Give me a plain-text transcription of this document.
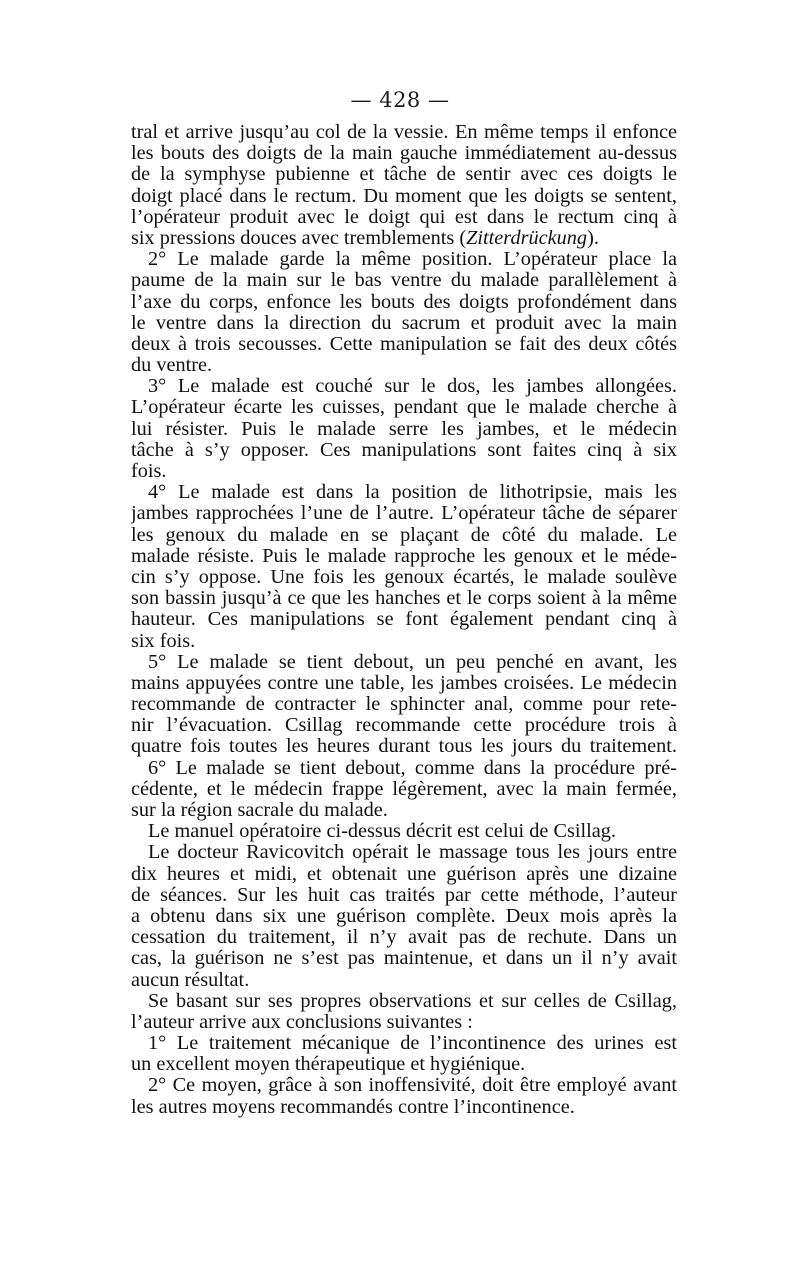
— 428 —
tral et arrive jusqu’au col de la vessie. En même temps il enfonce
les bouts des doigts de la main gauche immédiatement au-dessus
de la symphyse pubienne et tâche de sentir avec ces doigts le
doigt placé dans le rectum. Du moment que les doigts se sentent,
l’opérateur produit avec le doigt qui est dans le rectum cinq à
six pressions douces avec tremblements (Zitterdrückung).
2° Le malade garde la même position. L’opérateur place la
paume de la main sur le bas ventre du malade parallèlement à
l’axe du corps, enfonce les bouts des doigts profondément dans
le ventre dans la direction du sacrum et produit avec la main
deux à trois secousses. Cette manipulation se fait des deux côtés
du ventre.
3° Le malade est couché sur le dos, les jambes allongées.
L’opérateur écarte les cuisses, pendant que le malade cherche à
lui résister. Puis le malade serre les jambes, et le médecin
tâche à s’y opposer. Ces manipulations sont faites cinq à six
fois.
4° Le malade est dans la position de lithotripsie, mais les
jambes rapprochées l’une de l’autre. L’opérateur tâche de séparer
les genoux du malade en se plaçant de côté du malade. Le
malade résiste. Puis le malade rapproche les genoux et le méde-
cin s’y oppose. Une fois les genoux écartés, le malade soulève
son bassin jusqu’à ce que les hanches et le corps soient à la même
hauteur. Ces manipulations se font également pendant cinq à
six fois.
5° Le malade se tient debout, un peu penché en avant, les
mains appuyées contre une table, les jambes croisées. Le médecin
recommande de contracter le sphincter anal, comme pour rete-
nir l’évacuation. Csillag recommande cette procédure trois à
quatre fois toutes les heures durant tous les jours du traitement.
6° Le malade se tient debout, comme dans la procédure pré-
cédente, et le médecin frappe légèrement, avec la main fermée,
sur la région sacrale du malade.
Le manuel opératoire ci-dessus décrit est celui de Csillag.
Le docteur Ravicovitch opérait le massage tous les jours entre
dix heures et midi, et obtenait une guérison après une dizaine
de séances. Sur les huit cas traités par cette méthode, l’auteur
a obtenu dans six une guérison complète. Deux mois après la
cessation du traitement, il n’y avait pas de rechute. Dans un
cas, la guérison ne s’est pas maintenue, et dans un il n’y avait
aucun résultat.
Se basant sur ses propres observations et sur celles de Csillag,
l’auteur arrive aux conclusions suivantes :
1° Le traitement mécanique de l’incontinence des urines est
un excellent moyen thérapeutique et hygiénique.
2° Ce moyen, grâce à son inoffensivité, doit être employé avant
les autres moyens recommandés contre l’incontinence.
